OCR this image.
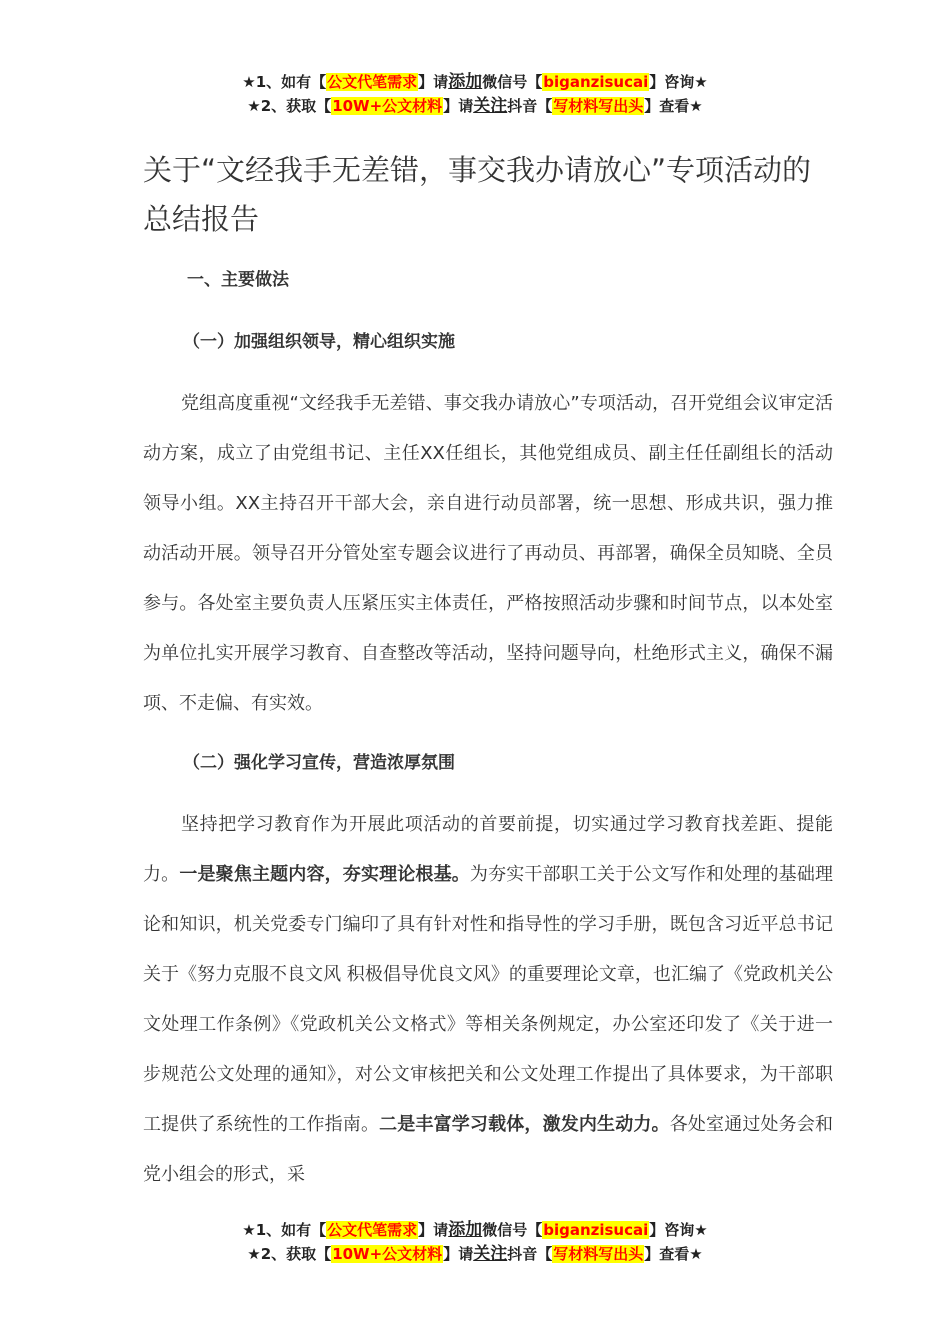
★1、如有【公文代笔需求】请添加微信号【biganzisucai】咨询★
★2、获取【10W+公文材料】请关注抖音【写材料写出头】查看★
关于“文经我手无差错，事交我办请放心”专项活动的总结报告
一、主要做法
（一）加强组织领导，精心组织实施

党组高度重视“文经我手无差错、事交我办请放心”专项活动，召开党组会议审定活动方案，成立了由党组书记、主任XX任组长，其他党组成员、副主任任副组长的活动领导小组。XX主持召开干部大会，亲自进行动员部署，统一思想、形成共识，强力推动活动开展。领导召开分管处室专题会议进行了再动员、再部署，确保全员知晓、全员参与。各处室主要负责人压紧压实主体责任，严格按照活动步骤和时间节点，以本处室为单位扎实开展学习教育、自查整改等活动，坚持问题导向，杜绝形式主义，确保不漏项、不走偏、有实效。

（二）强化学习宣传，营造浓厚氛围

坚持把学习教育作为开展此项活动的首要前提，切实通过学习教育找差距、提能力。一是聚焦主题内容，夯实理论根基。为夯实干部职工关于公文写作和处理的基础理论和知识，机关党委专门编印了具有针对性和指导性的学习手册，既包含习近平总书记关于《努力克服不良文风 积极倡导优良文风》的重要理论文章，也汇编了《党政机关公文处理工作条例》《党政机关公文格式》等相关条例规定，办公室还印发了《关于进一步规范公文处理的通知》，对公文审核把关和公文处理工作提出了具体要求，为干部职工提供了系统性的工作指南。二是丰富学习载体，激发内生动力。各处室通过处务会和党小组会的形式，采

★1、如有【公文代笔需求】请添加微信号【biganzisucai】咨询★
★2、获取【10W+公文材料】请关注抖音【写材料写出头】查看★
